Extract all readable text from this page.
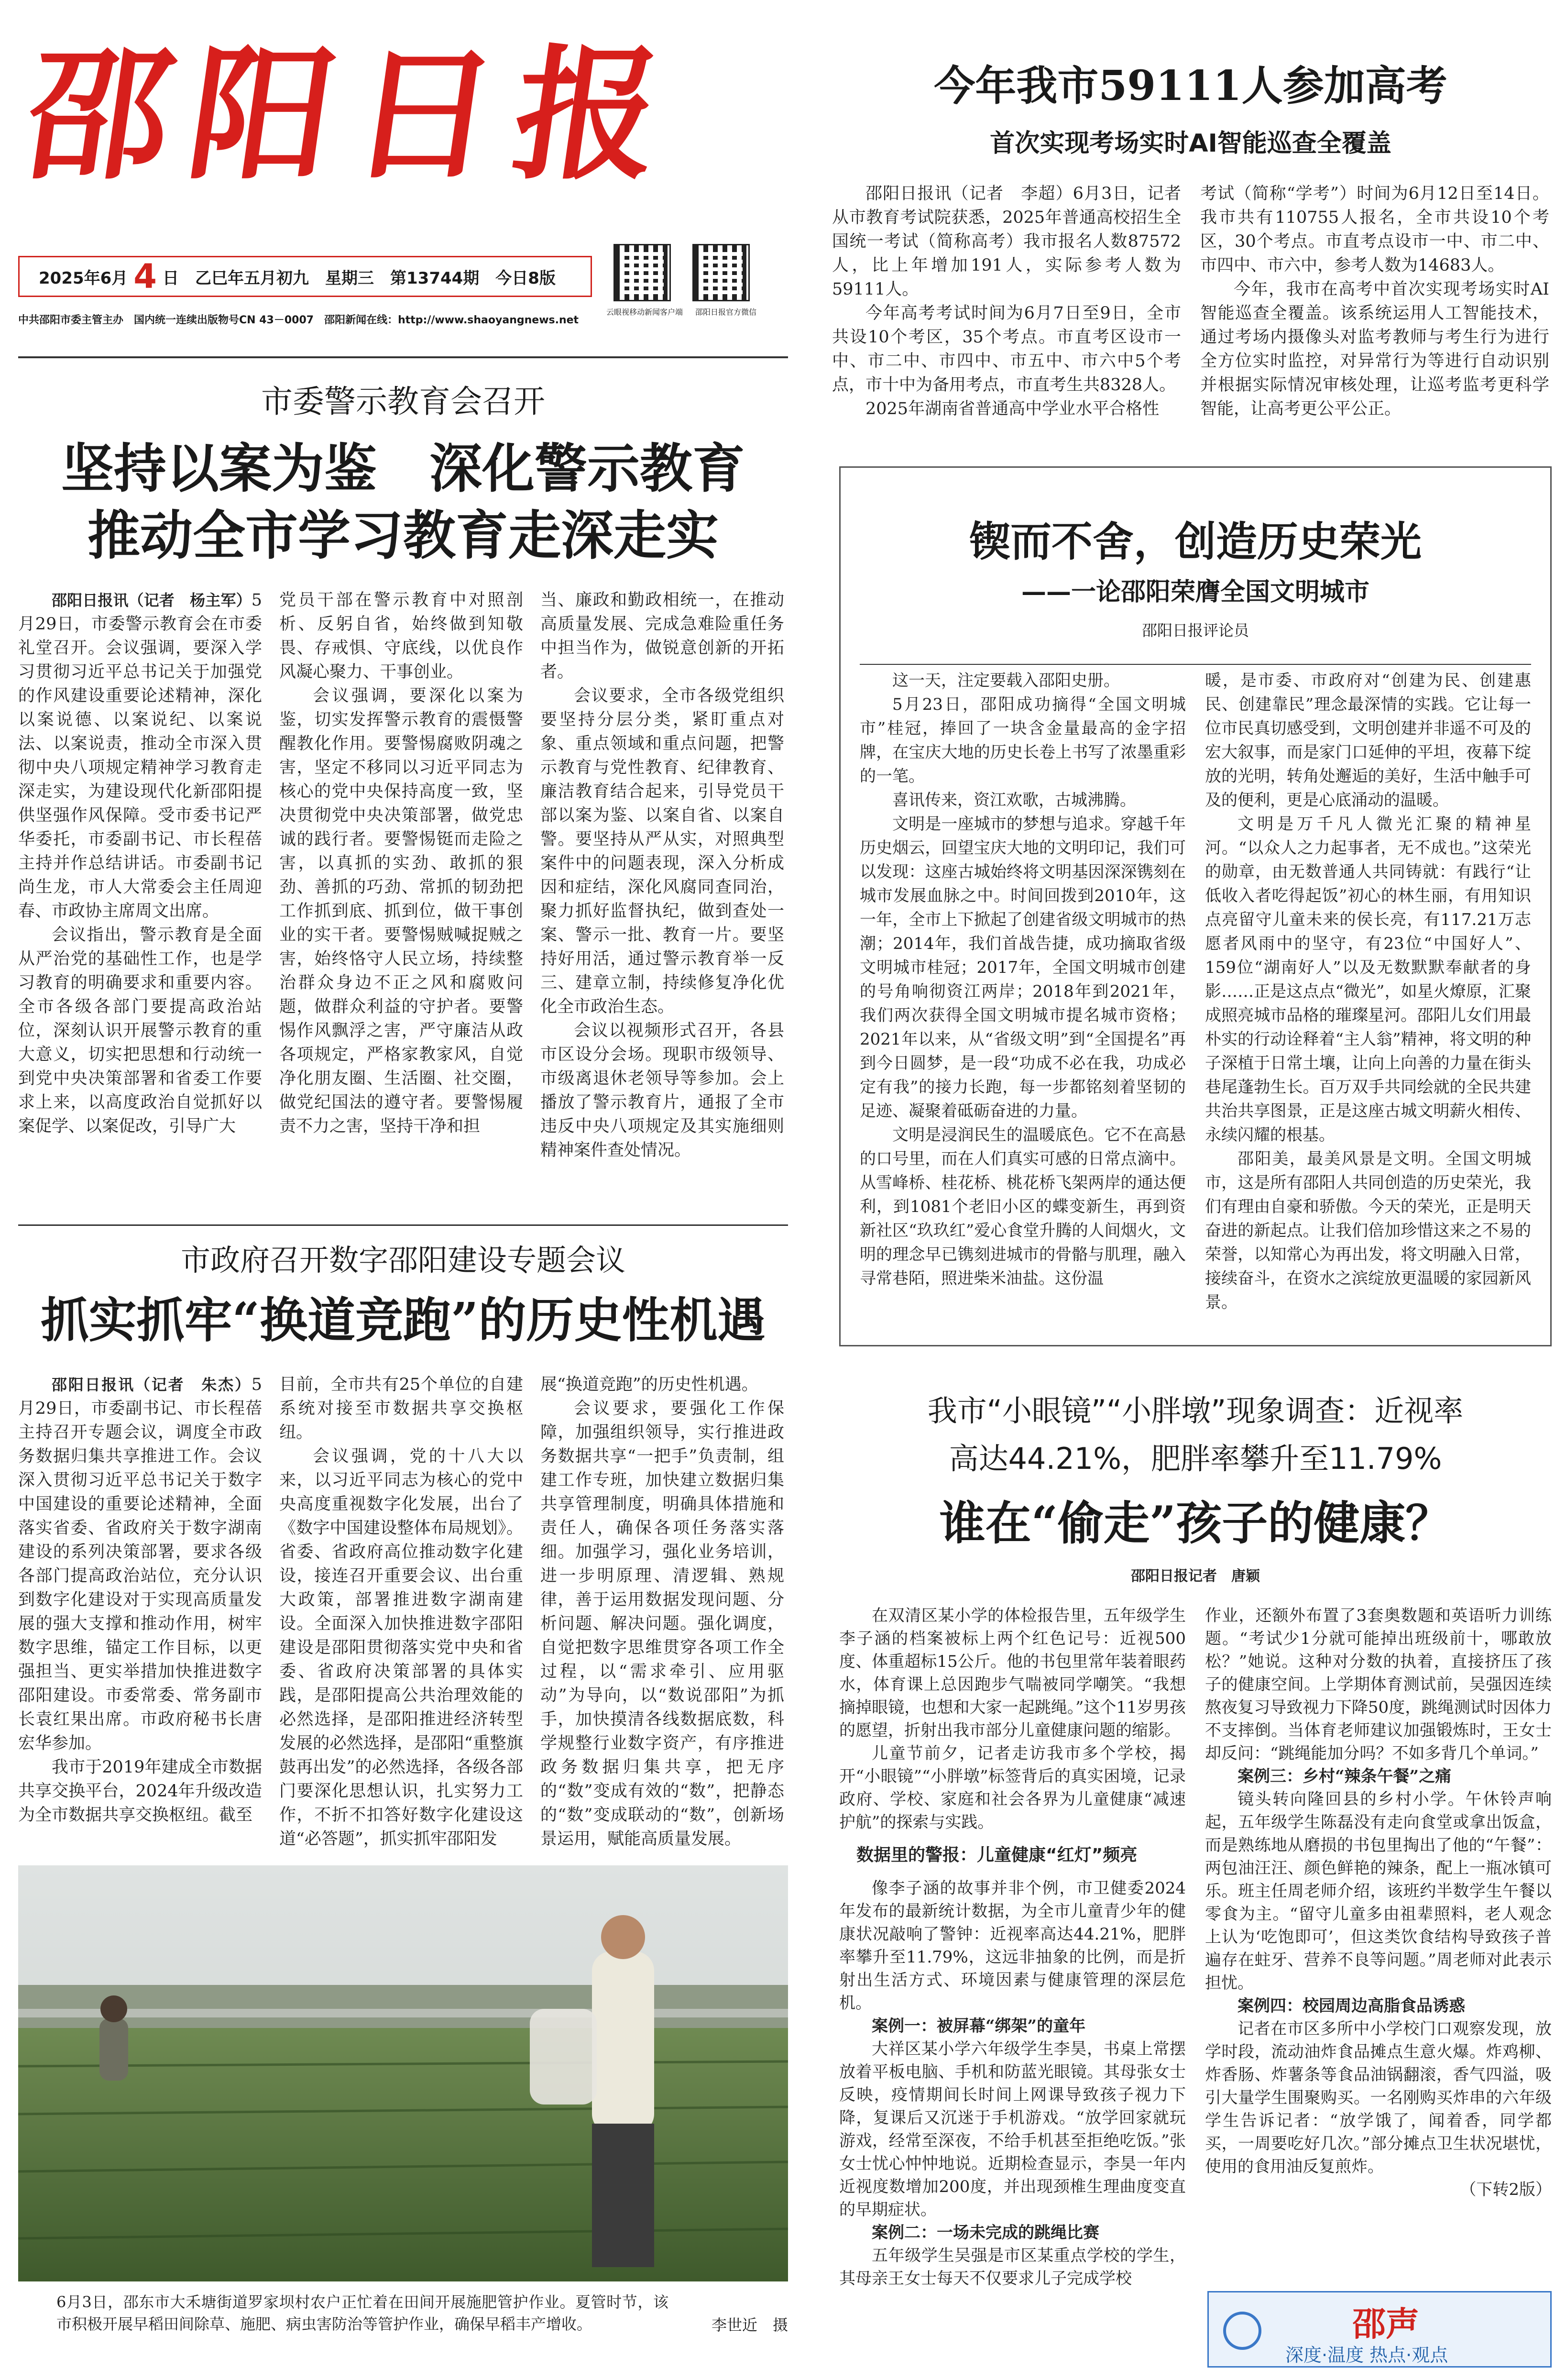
邵阳日报
2025年6月 4 日　乙巳年五月初九　星期三　第13744期　今日8版
云眼视移动新闻客户端	邵阳日报官方微信
中共邵阳市委主管主办　国内统一连续出版物号CN 43－0007　邵阳新闻在线：http://www.shaoyangnews.net
今年我市59111人参加高考
首次实现考场实时AI智能巡查全覆盖

邵阳日报讯（记者　李超）6月3日，记者从市教育考试院获悉，2025年普通高校招生全国统一考试（简称高考）我市报名人数87572人，比上年增加191人，实际参考人数为59111人。

今年高考考试时间为6月7日至9日，全市共设10个考区，35个考点。市直考区设市一中、市二中、市四中、市五中、市六中5个考点，市十中为备用考点，市直考生共8328人。

2025年湖南省普通高中学业水平合格性

考试（简称“学考”）时间为6月12日至14日。我市共有110755人报名，全市共设10个考区，30个考点。市直考点设市一中、市二中、市四中、市六中，参考人数为14683人。

今年，我市在高考中首次实现考场实时AI智能巡查全覆盖。该系统运用人工智能技术，通过考场内摄像头对监考教师与考生行为进行全方位实时监控，对异常行为等进行自动识别并根据实际情况审核处理，让巡考监考更科学智能，让高考更公平公正。

市委警示教育会召开
坚持以案为鉴　深化警示教育
推动全市学习教育走深走实

邵阳日报讯（记者　杨主军）5月29日，市委警示教育会在市委礼堂召开。会议强调，要深入学习贯彻习近平总书记关于加强党的作风建设重要论述精神，深化以案说德、以案说纪、以案说法、以案说责，推动全市深入贯彻中央八项规定精神学习教育走深走实，为建设现代化新邵阳提供坚强作风保障。受市委书记严华委托，市委副书记、市长程蓓主持并作总结讲话。市委副书记尚生龙，市人大常委会主任周迎春、市政协主席周文出席。

会议指出，警示教育是全面从严治党的基础性工作，也是学习教育的明确要求和重要内容。全市各级各部门要提高政治站位，深刻认识开展警示教育的重大意义，切实把思想和行动统一到党中央决策部署和省委工作要求上来，以高度政治自觉抓好以案促学、以案促改，引导广大

党员干部在警示教育中对照剖析、反躬自省，始终做到知敬畏、存戒惧、守底线，以优良作风凝心聚力、干事创业。

会议强调，要深化以案为鉴，切实发挥警示教育的震慑警醒教化作用。要警惕腐败阴魂之害，坚定不移同以习近平同志为核心的党中央保持高度一致，坚决贯彻党中央决策部署，做党忠诚的践行者。要警惕铤而走险之害，以真抓的实劲、敢抓的狠劲、善抓的巧劲、常抓的韧劲把工作抓到底、抓到位，做干事创业的实干者。要警惕贼喊捉贼之害，始终恪守人民立场，持续整治群众身边不正之风和腐败问题，做群众利益的守护者。要警惕作风飘浮之害，严守廉洁从政各项规定，严格家教家风，自觉净化朋友圈、生活圈、社交圈，做党纪国法的遵守者。要警惕履责不力之害，坚持干净和担

当、廉政和勤政相统一，在推动高质量发展、完成急难险重任务中担当作为，做锐意创新的开拓者。

会议要求，全市各级党组织要坚持分层分类，紧盯重点对象、重点领域和重点问题，把警示教育与党性教育、纪律教育、廉洁教育结合起来，引导党员干部以案为鉴、以案自省、以案自警。要坚持从严从实，对照典型案件中的问题表现，深入分析成因和症结，深化风腐同查同治，聚力抓好监督执纪，做到查处一案、警示一批、教育一片。要坚持好用活，通过警示教育举一反三、建章立制，持续修复净化优化全市政治生态。

会议以视频形式召开，各县市区设分会场。现职市级领导、市级离退休老领导等参加。会上播放了警示教育片，通报了全市违反中央八项规定及其实施细则精神案件查处情况。

锲而不舍，创造历史荣光
——一论邵阳荣膺全国文明城市
邵阳日报评论员

这一天，注定要载入邵阳史册。

5月23日，邵阳成功摘得“全国文明城市”桂冠，捧回了一块含金量最高的金字招牌，在宝庆大地的历史长卷上书写了浓墨重彩的一笔。

喜讯传来，资江欢歌，古城沸腾。

文明是一座城市的梦想与追求。穿越千年历史烟云，回望宝庆大地的文明印记，我们可以发现：这座古城始终将文明基因深深镌刻在城市发展血脉之中。时间回拨到2010年，这一年，全市上下掀起了创建省级文明城市的热潮；2014年，我们首战告捷，成功摘取省级文明城市桂冠；2017年，全国文明城市创建的号角响彻资江两岸；2018年到2021年，我们两次获得全国文明城市提名城市资格；2021年以来，从“省级文明”到“全国提名”再到今日圆梦，是一段“功成不必在我，功成必定有我”的接力长跑，每一步都铭刻着坚韧的足迹、凝聚着砥砺奋进的力量。

文明是浸润民生的温暖底色。它不在高悬的口号里，而在人们真实可感的日常点滴中。从雪峰桥、桂花桥、桃花桥飞架两岸的通达便利，到1081个老旧小区的蝶变新生，再到资新社区“玖玖红”爱心食堂升腾的人间烟火，文明的理念早已镌刻进城市的骨骼与肌理，融入寻常巷陌，照进柴米油盐。这份温

暖，是市委、市政府对“创建为民、创建惠民、创建靠民”理念最深情的实践。它让每一位市民真切感受到，文明创建并非遥不可及的宏大叙事，而是家门口延伸的平坦，夜幕下绽放的光明，转角处邂逅的美好，生活中触手可及的便利，更是心底涌动的温暖。

文明是万千凡人微光汇聚的精神星河。“以众人之力起事者，无不成也。”这荣光的勋章，由无数普通人共同铸就：有践行“让低收入者吃得起饭”初心的林生丽，有用知识点亮留守儿童未来的侯长亮，有117.21万志愿者风雨中的坚守，有23位“中国好人”、159位“湖南好人”以及无数默默奉献者的身影……正是这点点“微光”，如星火燎原，汇聚成照亮城市品格的璀璨星河。邵阳儿女们用最朴实的行动诠释着“主人翁”精神，将文明的种子深植于日常土壤，让向上向善的力量在街头巷尾蓬勃生长。百万双手共同绘就的全民共建共治共享图景，正是这座古城文明薪火相传、永续闪耀的根基。

邵阳美，最美风景是文明。全国文明城市，这是所有邵阳人共同创造的历史荣光，我们有理由自豪和骄傲。今天的荣光，正是明天奋进的新起点。让我们倍加珍惜这来之不易的荣誉，以知常心为再出发，将文明融入日常，接续奋斗，在资水之滨绽放更温暖的家园新风景。

市政府召开数字邵阳建设专题会议
抓实抓牢“换道竞跑”的历史性机遇

邵阳日报讯（记者　朱杰）5月29日，市委副书记、市长程蓓主持召开专题会议，调度全市政务数据归集共享推进工作。会议深入贯彻习近平总书记关于数字中国建设的重要论述精神，全面落实省委、省政府关于数字湖南建设的系列决策部署，要求各级各部门提高政治站位，充分认识到数字化建设对于实现高质量发展的强大支撑和推动作用，树牢数字思维，锚定工作目标，以更强担当、更实举措加快推进数字邵阳建设。市委常委、常务副市长袁红果出席。市政府秘书长唐宏华参加。

我市于2019年建成全市数据共享交换平台，2024年升级改造为全市数据共享交换枢纽。截至

目前，全市共有25个单位的自建系统对接至市数据共享交换枢纽。

会议强调，党的十八大以来，以习近平同志为核心的党中央高度重视数字化发展，出台了《数字中国建设整体布局规划》。省委、省政府高位推动数字化建设，接连召开重要会议、出台重大政策，部署推进数字湖南建设。全面深入加快推进数字邵阳建设是邵阳贯彻落实党中央和省委、省政府决策部署的具体实践，是邵阳提高公共治理效能的必然选择，是邵阳推进经济转型发展的必然选择，是邵阳“重整旗鼓再出发”的必然选择，各级各部门要深化思想认识，扎实努力工作，不折不扣答好数字化建设这道“必答题”，抓实抓牢邵阳发

展“换道竞跑”的历史性机遇。

会议要求，要强化工作保障，加强组织领导，实行推进政务数据共享“一把手”负责制，组建工作专班，加快建立数据归集共享管理制度，明确具体措施和责任人，确保各项任务落实落细。加强学习，强化业务培训，进一步明原理、清逻辑、熟规律，善于运用数据发现问题、分析问题、解决问题。强化调度，自觉把数字思维贯穿各项工作全过程，以“需求牵引、应用驱动”为导向，以“数说邵阳”为抓手，加快摸清各线数据底数，科学规整行业数字资产，有序推进政务数据归集共享，把无序的“数”变成有效的“数”，把静态的“数”变成联动的“数”，创新场景运用，赋能高质量发展。

6月3日，邵东市大禾塘街道罗家坝村农户正忙着在田间开展施肥管护作业。夏管时节，该市积极开展早稻田间除草、施肥、病虫害防治等管护作业，确保早稻丰产增收。	李世近　摄
我市“小眼镜”“小胖墩”现象调查：近视率
高达44.21%，肥胖率攀升至11.79%
谁在“偷走”孩子的健康？
邵阳日报记者　唐颖

在双清区某小学的体检报告里，五年级学生李子涵的档案被标上两个红色记号：近视500度、体重超标15公斤。他的书包里常年装着眼药水，体育课上总因跑步气喘被同学嘲笑。“我想摘掉眼镜，也想和大家一起跳绳。”这个11岁男孩的愿望，折射出我市部分儿童健康问题的缩影。

儿童节前夕，记者走访我市多个学校，揭开“小眼镜”“小胖墩”标签背后的真实困境，记录政府、学校、家庭和社会各界为儿童健康“减速护航”的探索与实践。

数据里的警报：儿童健康“红灯”频亮

像李子涵的故事并非个例，市卫健委2024年发布的最新统计数据，为全市儿童青少年的健康状况敲响了警钟：近视率高达44.21%，肥胖率攀升至11.79%，这远非抽象的比例，而是折射出生活方式、环境因素与健康管理的深层危机。

案例一：被屏幕“绑架”的童年

大祥区某小学六年级学生李昊，书桌上常摆放着平板电脑、手机和防蓝光眼镜。其母张女士反映，疫情期间长时间上网课导致孩子视力下降，复课后又沉迷于手机游戏。“放学回家就玩游戏，经常至深夜，不给手机甚至拒绝吃饭。”张女士忧心忡忡地说。近期检查显示，李昊一年内近视度数增加200度，并出现颈椎生理曲度变直的早期症状。

案例二：一场未完成的跳绳比赛

五年级学生吴强是市区某重点学校的学生，其母亲王女士每天不仅要求儿子完成学校

作业，还额外布置了3套奥数题和英语听力训练题。“考试少1分就可能掉出班级前十，哪敢放松？”她说。这种对分数的执着，直接挤压了孩子的健康空间。上学期体育测试前，吴强因连续熬夜复习导致视力下降50度，跳绳测试时因体力不支摔倒。当体育老师建议加强锻炼时，王女士却反问：“跳绳能加分吗？不如多背几个单词。”

案例三：乡村“辣条午餐”之痛

镜头转向隆回县的乡村小学。午休铃声响起，五年级学生陈磊没有走向食堂或拿出饭盒，而是熟练地从磨损的书包里掏出了他的“午餐”：两包油汪汪、颜色鲜艳的辣条，配上一瓶冰镇可乐。班主任周老师介绍，该班约半数学生午餐以零食为主。“留守儿童多由祖辈照料，老人观念上认为‘吃饱即可’，但这类饮食结构导致孩子普遍存在蛀牙、营养不良等问题。”周老师对此表示担忧。

案例四：校园周边高脂食品诱惑

记者在市区多所中小学校门口观察发现，放学时段，流动油炸食品摊点生意火爆。炸鸡柳、炸香肠、炸薯条等食品油锅翻滚，香气四溢，吸引大量学生围聚购买。一名刚购买炸串的六年级学生告诉记者：“放学饿了，闻着香，同学都买，一周要吃好几次。”部分摊点卫生状况堪忧，使用的食用油反复煎炸。

（下转2版）

邵声
深度·温度 热点·观点
